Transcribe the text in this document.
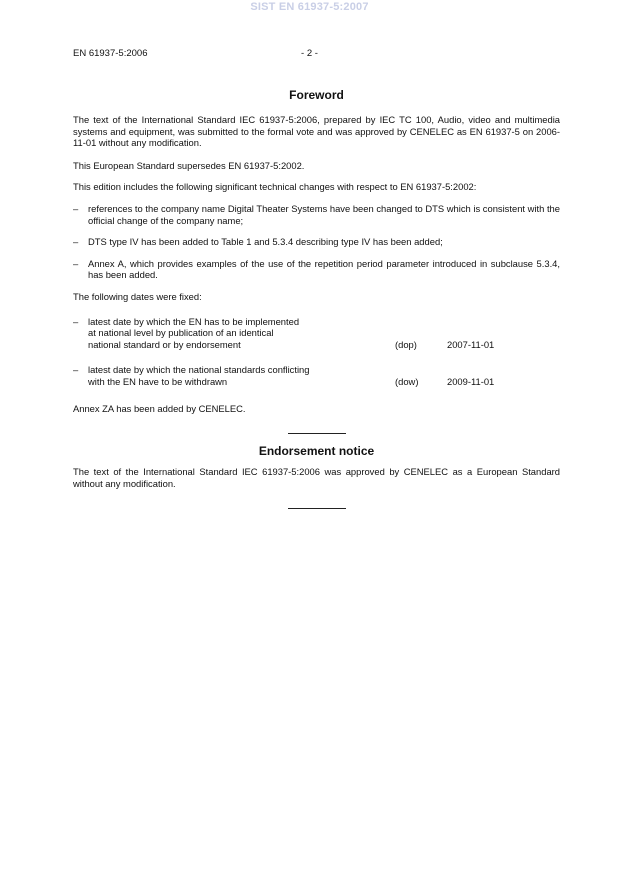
SIST EN 61937-5:2007
EN 61937-5:2006	- 2 -
Foreword

The text of the International Standard IEC 61937-5:2006, prepared by IEC TC 100, Audio, video and multimedia systems and equipment, was submitted to the formal vote and was approved by CENELEC as EN 61937-5 on 2006-11-01 without any modification.

This European Standard supersedes EN 61937-5:2002.

This edition includes the following significant technical changes with respect to EN 61937-5:2002:

– references to the company name Digital Theater Systems have been changed to DTS which is consistent with the official change of the company name;
– DTS type IV has been added to Table 1 and 5.3.4 describing type IV has been added;
– Annex A, which provides examples of the use of the repetition period parameter introduced in subclause 5.3.4, has been added.

The following dates were fixed:

– latest date by which the EN has to be implemented
at national level by publication of an identical
national standard or by endorsement	(dop)	2007-11-01
– latest date by which the national standards conflicting
with the EN have to be withdrawn	(dow)	2009-11-01

Annex ZA has been added by CENELEC.

Endorsement notice

The text of the International Standard IEC 61937-5:2006 was approved by CENELEC as a European Standard without any modification.
